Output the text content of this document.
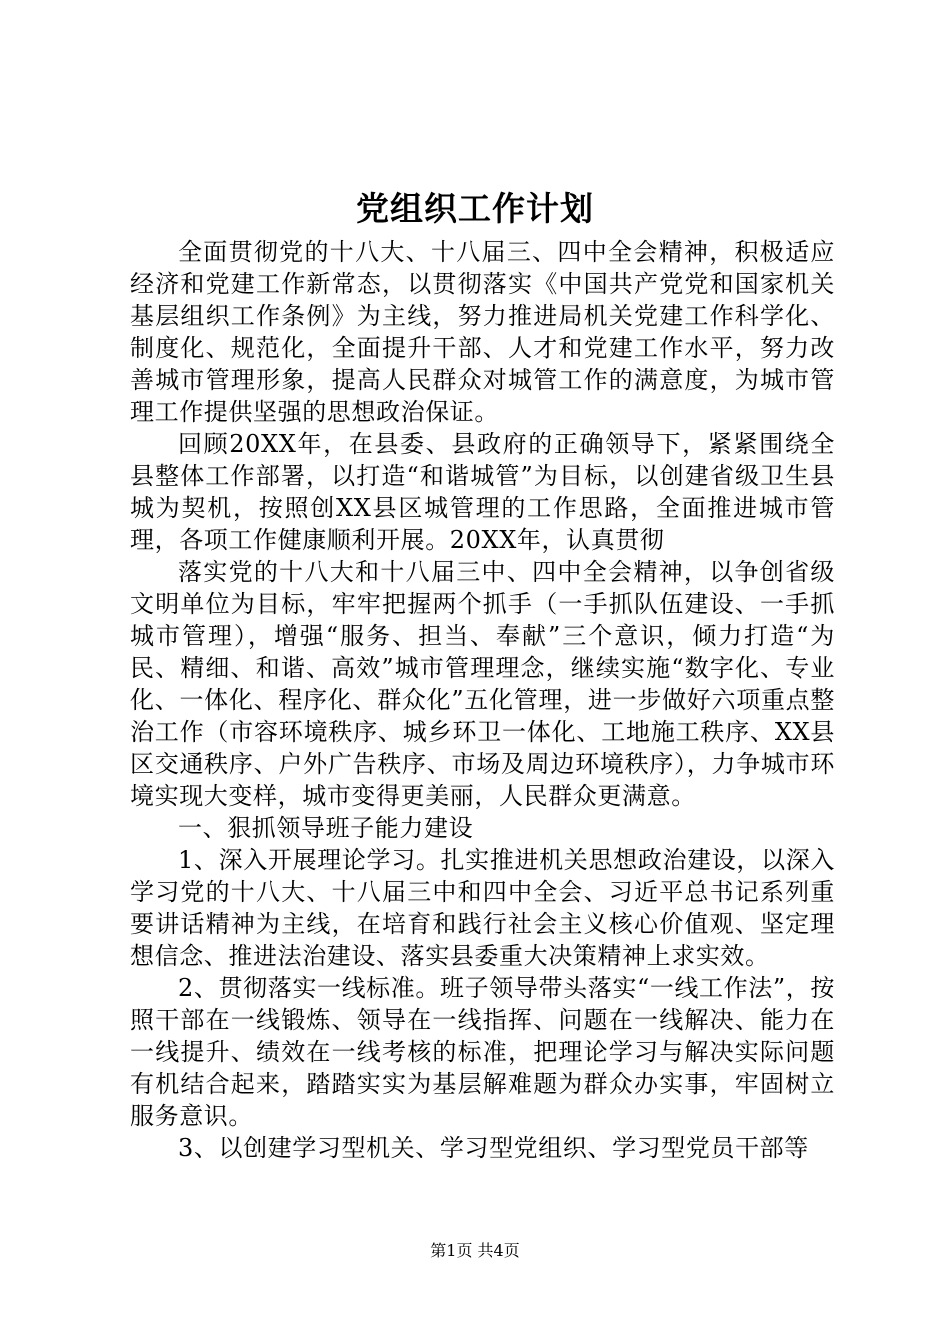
党组织工作计划

全面贯彻党的十八大、十八届三、四中全会精神，积极适应经济和党建工作新常态，以贯彻落实《中国共产党党和国家机关基层组织工作条例》为主线，努力推进局机关党建工作科学化、制度化、规范化，全面提升干部、人才和党建工作水平，努力改善城市管理形象，提高人民群众对城管工作的满意度，为城市管理工作提供坚强的思想政治保证。

回顾20XX年，在县委、县政府的正确领导下，紧紧围绕全县整体工作部署，以打造“和谐城管”为目标，以创建省级卫生县城为契机，按照创XX县区城管理的工作思路，全面推进城市管理，各项工作健康顺利开展。20XX年，认真贯彻

落实党的十八大和十八届三中、四中全会精神，以争创省级文明单位为目标，牢牢把握两个抓手（一手抓队伍建设、一手抓城市管理），增强“服务、担当、奉献”三个意识，倾力打造“为民、精细、和谐、高效”城市管理理念，继续实施“数字化、专业化、一体化、程序化、群众化”五化管理，进一步做好六项重点整治工作（市容环境秩序、城乡环卫一体化、工地施工秩序、XX县区交通秩序、户外广告秩序、市场及周边环境秩序），力争城市环境实现大变样，城市变得更美丽，人民群众更满意。

一、狠抓领导班子能力建设

1、深入开展理论学习。扎实推进机关思想政治建设，以深入学习党的十八大、十八届三中和四中全会、习近平总书记系列重要讲话精神为主线，在培育和践行社会主义核心价值观、坚定理想信念、推进法治建设、落实县委重大决策精神上求实效。

2、贯彻落实一线标准。班子领导带头落实“一线工作法”，按照干部在一线锻炼、领导在一线指挥、问题在一线解决、能力在一线提升、绩效在一线考核的标准，把理论学习与解决实际问题有机结合起来，踏踏实实为基层解难题为群众办实事，牢固树立服务意识。

3、以创建学习型机关、学习型党组织、学习型党员干部等

第1页 共4页
